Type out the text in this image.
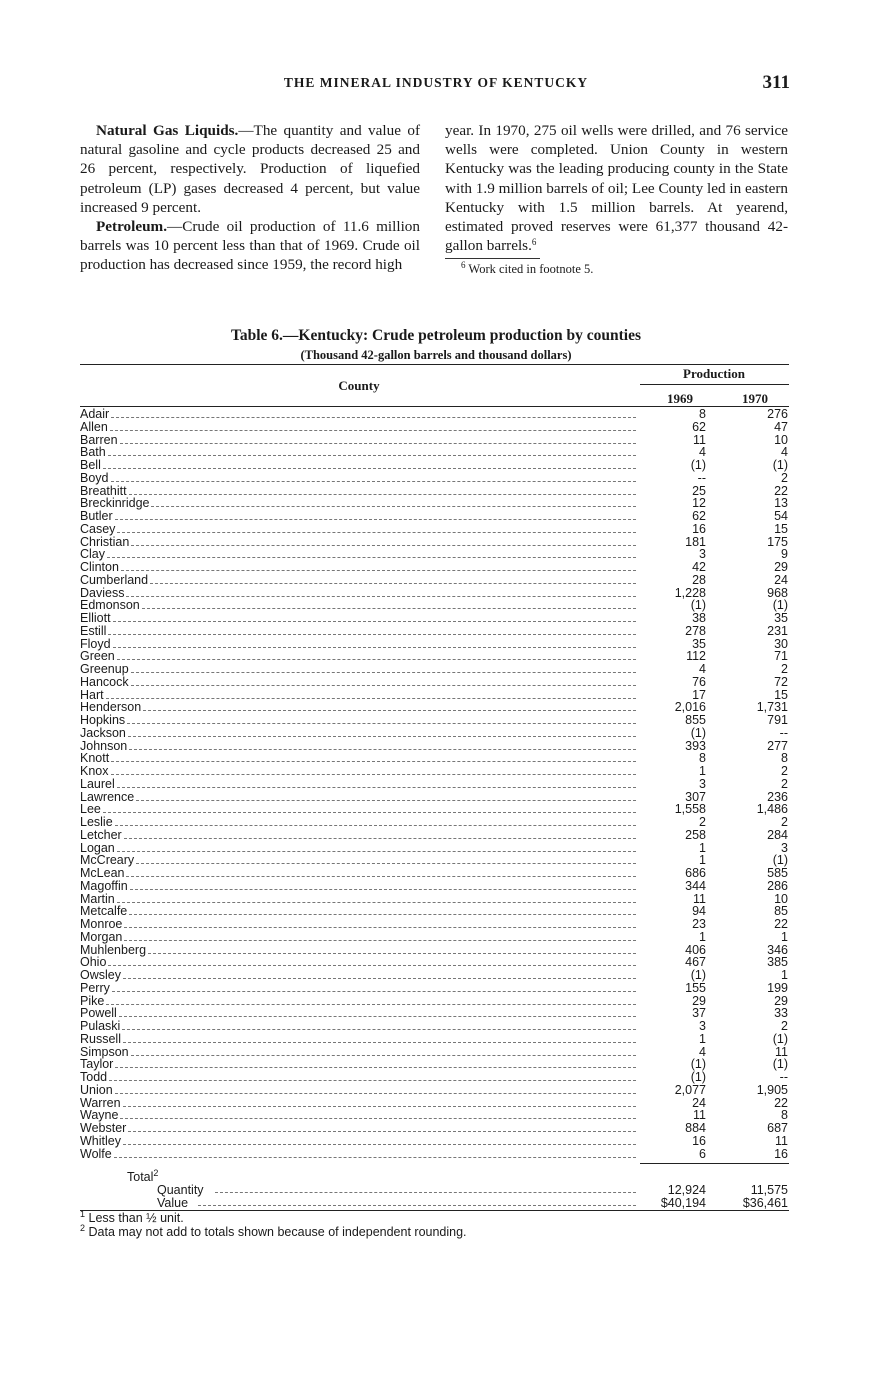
THE MINERAL INDUSTRY OF KENTUCKY	311

Natural Gas Liquids.—The quantity and value of natural gasoline and cycle products decreased 25 and 26 percent, respectively. Production of liquefied petroleum (LP) gases decreased 4 percent, but value increased 9 percent.

Petroleum.—Crude oil production of 11.6 million barrels was 10 percent less than that of 1969. Crude oil production has decreased since 1959, the record high

year. In 1970, 275 oil wells were drilled, and 76 service wells were completed. Union County in western Kentucky was the leading producing county in the State with 1.9 million barrels of oil; Lee County led in eastern Kentucky with 1.5 million barrels. At yearend, estimated proved reserves were 61,377 thousand 42-gallon barrels.$^6$

$^6$ Work cited in footnote 5.
Table 6.—Kentucky: Crude petroleum production by counties
(Thousand 42-gallon barrels and thousand dollars)
County
Production
1969	1970
Adair	8	276
Allen	62	47
Barren	11	10
Bath	4	4
Bell	(1)	(1)
Boyd	--	2
Breathitt	25	22
Breckinridge	12	13
Butler	62	54
Casey	16	15
Christian	181	175
Clay	3	9
Clinton	42	29
Cumberland	28	24
Daviess	1,228	968
Edmonson	(1)	(1)
Elliott	38	35
Estill	278	231
Floyd	35	30
Green	112	71
Greenup	4	2
Hancock	76	72
Hart	17	15
Henderson	2,016	1,731
Hopkins	855	791
Jackson	(1)	--
Johnson	393	277
Knott	8	8
Knox	1	2
Laurel	3	2
Lawrence	307	236
Lee	1,558	1,486
Leslie	2	2
Letcher	258	284
Logan	1	3
McCreary	1	(1)
McLean	686	585
Magoffin	344	286
Martin	11	10
Metcalfe	94	85
Monroe	23	22
Morgan	1	1
Muhlenberg	406	346
Ohio	467	385
Owsley	(1)	1
Perry	155	199
Pike	29	29
Powell	37	33
Pulaski	3	2
Russell	1	(1)
Simpson	4	11
Taylor	(1)	(1)
Todd	(1)	--
Union	2,077	1,905
Warren	24	22
Wayne	11	8
Webster	884	687
Whitley	16	11
Wolfe	6	16
Total$^2$
Quantity	12,924	11,575
Value	$40,194	$36,461
$^1$ Less than ½ unit.
$^2$ Data may not add to totals shown because of independent rounding.
